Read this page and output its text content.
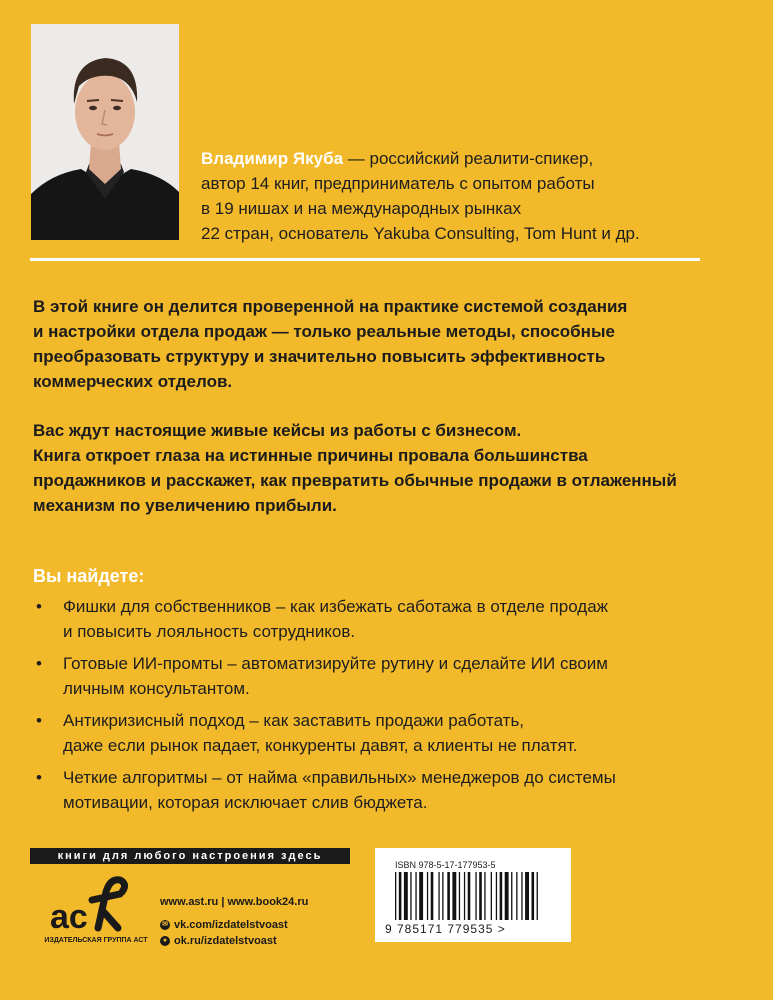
Владимир Якуба — российский реалити-спикер,
автор 14 книг, предприниматель с опытом работы
в 19 нишах и на международных рынках
22 стран, основатель Yakuba Consulting, Tom Hunt и др.
В этой книге он делится проверенной на практике системой создания
и настройки отдела продаж — только реальные методы, способные
преобразовать структуру и значительно повысить эффективность
коммерческих отделов.
Вас ждут настоящие живые кейсы из работы с бизнесом.
Книга откроет глаза на истинные причины провала большинства
продажников и расскажет, как превратить обычные продажи в отлаженный
механизм по увеличению прибыли.
Вы найдете:
• Фишки для собственников – как избежать саботажа в отделе продаж
и повысить лояльность сотрудников.
• Готовые ИИ-промты – автоматизируйте рутину и сделайте ИИ своим
личным консультантом.
• Антикризисный подход – как заставить продажи работать,
даже если рынок падает, конкуренты давят, а клиенты не платят.
• Четкие алгоритмы – от найма «правильных» менеджеров до системы
мотивации, которая исключает слив бюджета.
книги для любого настроения здесь
ac
ИЗДАТЕЛЬСКАЯ ГРУППА АСТ
www.ast.ru | www.book24.ru
✉ vk.com/izdatelstvoast
● ok.ru/izdatelstvoast
ISBN 978-5-17-177953-5
9 785171 779535 >
